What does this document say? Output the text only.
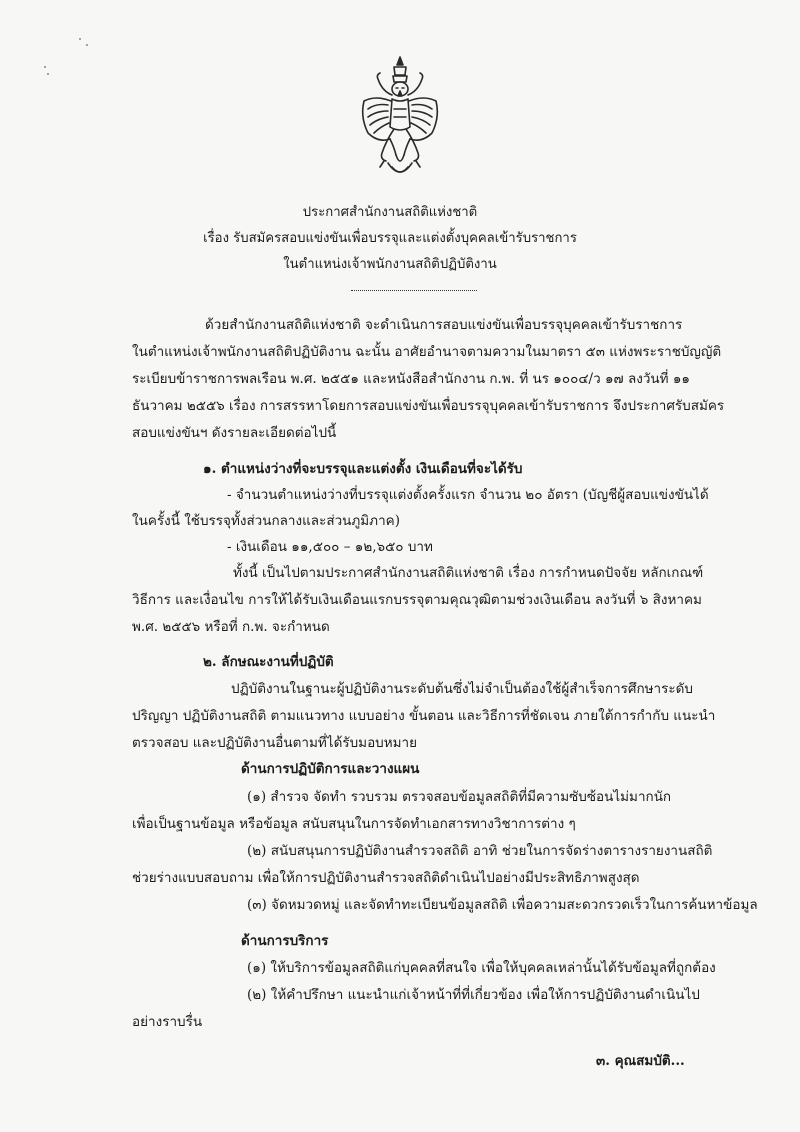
ประกาศสำนักงานสถิติแห่งชาติ
เรื่อง รับสมัครสอบแข่งขันเพื่อบรรจุและแต่งตั้งบุคคลเข้ารับราชการ
ในตำแหน่งเจ้าพนักงานสถิติปฏิบัติงาน
ด้วยสำนักงานสถิติแห่งชาติ จะดำเนินการสอบแข่งขันเพื่อบรรจุบุคคลเข้ารับราชการ
ในตำแหน่งเจ้าพนักงานสถิติปฏิบัติงาน ฉะนั้น อาศัยอำนาจตามความในมาตรา ๕๓ แห่งพระราชบัญญัติ
ระเบียบข้าราชการพลเรือน พ.ศ. ๒๕๕๑ และหนังสือสำนักงาน ก.พ. ที่ นร ๑๐๐๔/ว ๑๗ ลงวันที่ ๑๑
ธันวาคม ๒๕๕๖ เรื่อง การสรรหาโดยการสอบแข่งขันเพื่อบรรจุบุคคลเข้ารับราชการ จึงประกาศรับสมัคร
สอบแข่งขันฯ ดังรายละเอียดต่อไปนี้
๑. ตำแหน่งว่างที่จะบรรจุและแต่งตั้ง เงินเดือนที่จะได้รับ
- จำนวนตำแหน่งว่างที่บรรจุแต่งตั้งครั้งแรก จำนวน ๒๐ อัตรา (บัญชีผู้สอบแข่งขันได้
ในครั้งนี้ ใช้บรรจุทั้งส่วนกลางและส่วนภูมิภาค)
- เงินเดือน ๑๑,๕๐๐ – ๑๒,๖๕๐ บาท
ทั้งนี้ เป็นไปตามประกาศสำนักงานสถิติแห่งชาติ เรื่อง การกำหนดปัจจัย หลักเกณฑ์
วิธีการ และเงื่อนไข การให้ได้รับเงินเดือนแรกบรรจุตามคุณวุฒิตามช่วงเงินเดือน ลงวันที่ ๖ สิงหาคม
พ.ศ. ๒๕๕๖ หรือที่ ก.พ. จะกำหนด
๒. ลักษณะงานที่ปฏิบัติ
ปฏิบัติงานในฐานะผู้ปฏิบัติงานระดับต้นซึ่งไม่จำเป็นต้องใช้ผู้สำเร็จการศึกษาระดับ
ปริญญา ปฏิบัติงานสถิติ ตามแนวทาง แบบอย่าง ขั้นตอน และวิธีการที่ชัดเจน ภายใต้การกำกับ แนะนำ
ตรวจสอบ และปฏิบัติงานอื่นตามที่ได้รับมอบหมาย
ด้านการปฏิบัติการและวางแผน
(๑) สำรวจ จัดทำ รวบรวม ตรวจสอบข้อมูลสถิติที่มีความซับซ้อนไม่มากนัก
เพื่อเป็นฐานข้อมูล หรือข้อมูล สนับสนุนในการจัดทำเอกสารทางวิชาการต่าง ๆ
(๒) สนับสนุนการปฏิบัติงานสำรวจสถิติ อาทิ ช่วยในการจัดร่างตารางรายงานสถิติ
ช่วยร่างแบบสอบถาม เพื่อให้การปฏิบัติงานสำรวจสถิติดำเนินไปอย่างมีประสิทธิภาพสูงสุด
(๓) จัดหมวดหมู่ และจัดทำทะเบียนข้อมูลสถิติ เพื่อความสะดวกรวดเร็วในการค้นหาข้อมูล
ด้านการบริการ
(๑) ให้บริการข้อมูลสถิติแก่บุคคลที่สนใจ เพื่อให้บุคคลเหล่านั้นได้รับข้อมูลที่ถูกต้อง
(๒) ให้คำปรึกษา แนะนำแก่เจ้าหน้าที่ที่เกี่ยวข้อง เพื่อให้การปฏิบัติงานดำเนินไป
อย่างราบรื่น
๓. คุณสมบัติ...
